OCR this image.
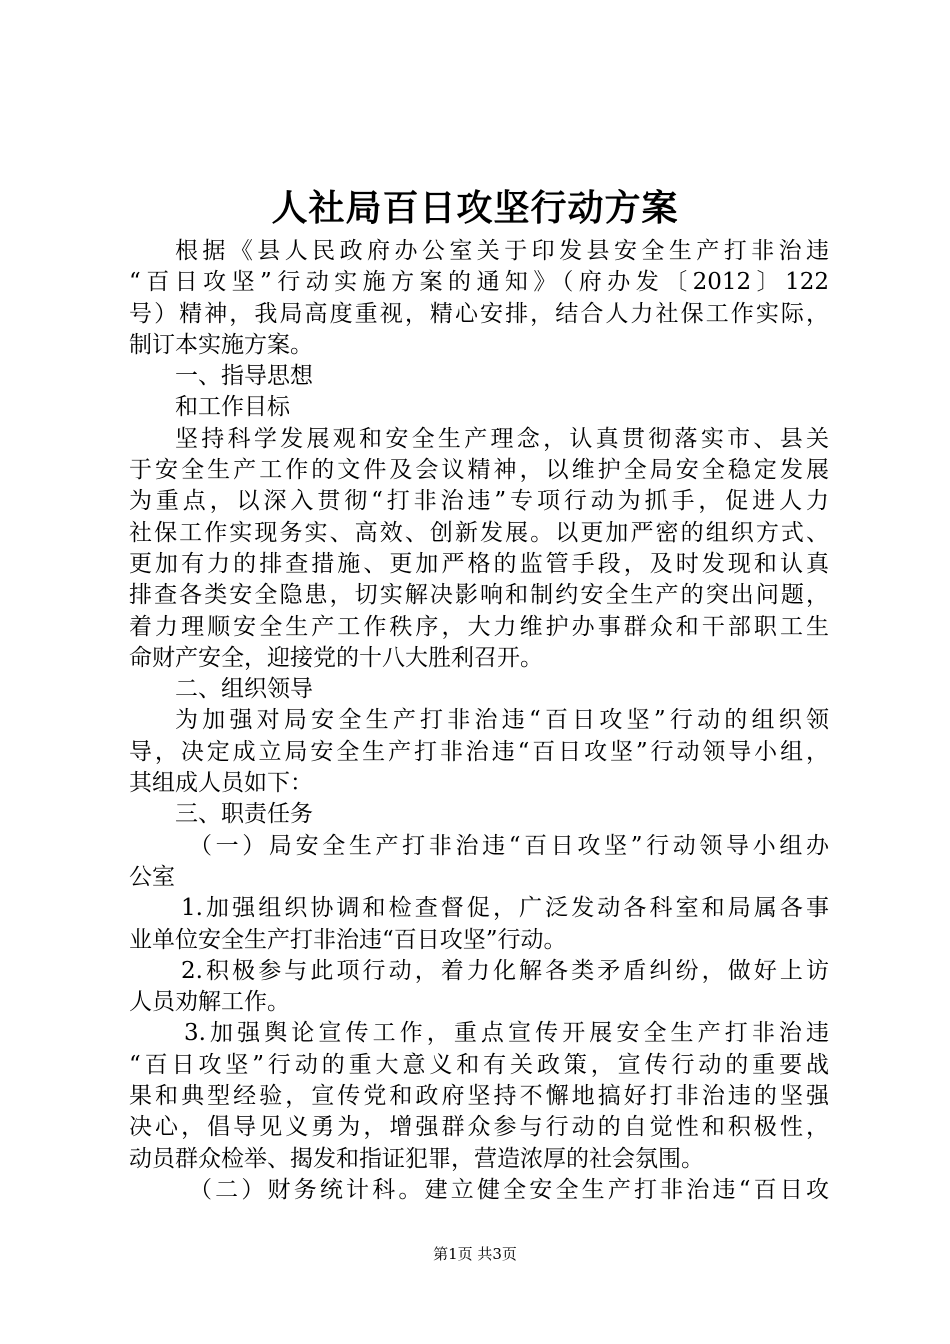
人社局百日攻坚行动方案
根据《县人民政府办公室关于印发县安全生产打非治违
“百日攻坚”行动实施方案的通知》（府办发〔2012〕122
号）精神，我局高度重视，精心安排，结合人力社保工作实际，
制订本实施方案。
一、指导思想
和工作目标
坚持科学发展观和安全生产理念，认真贯彻落实市、县关
于安全生产工作的文件及会议精神，以维护全局安全稳定发展
为重点，以深入贯彻“打非治违”专项行动为抓手，促进人力
社保工作实现务实、高效、创新发展。以更加严密的组织方式、
更加有力的排查措施、更加严格的监管手段，及时发现和认真
排查各类安全隐患，切实解决影响和制约安全生产的突出问题，
着力理顺安全生产工作秩序，大力维护办事群众和干部职工生
命财产安全，迎接党的十八大胜利召开。
二、组织领导
为加强对局安全生产打非治违“百日攻坚”行动的组织领
导，决定成立局安全生产打非治违“百日攻坚”行动领导小组，
其组成人员如下：
三、职责任务
（一）局安全生产打非治违“百日攻坚”行动领导小组办
公室
1.加强组织协调和检查督促，广泛发动各科室和局属各事
业单位安全生产打非治违“百日攻坚”行动。
2.积极参与此项行动，着力化解各类矛盾纠纷，做好上访
人员劝解工作。
3.加强舆论宣传工作，重点宣传开展安全生产打非治违
“百日攻坚”行动的重大意义和有关政策，宣传行动的重要战
果和典型经验，宣传党和政府坚持不懈地搞好打非治违的坚强
决心，倡导见义勇为，增强群众参与行动的自觉性和积极性，
动员群众检举、揭发和指证犯罪，营造浓厚的社会氛围。
（二）财务统计科。建立健全安全生产打非治违“百日攻
第1页 共3页
